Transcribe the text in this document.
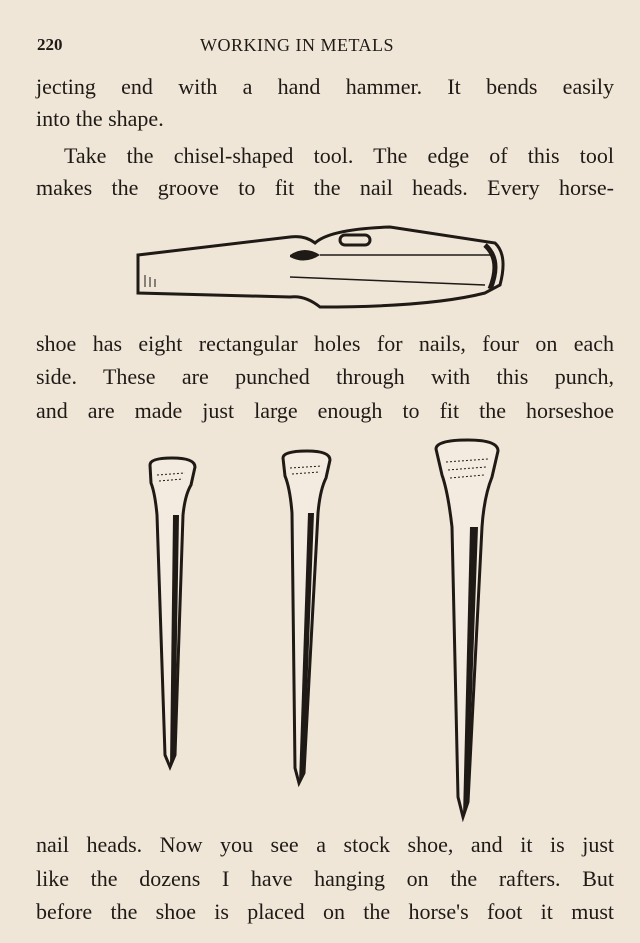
220	WORKING IN METALS
jecting end with a hand hammer. It bends easily
into the shape.
Take the chisel-shaped tool. The edge of this tool
makes the groove to fit the nail heads. Every horse-
shoe has eight rectangular holes for nails, four on each
side. These are punched through with this punch,
and are made just large enough to fit the horseshoe
nail heads. Now you see a stock shoe, and it is just
like the dozens I have hanging on the rafters. But
before the shoe is placed on the horse's foot it must
